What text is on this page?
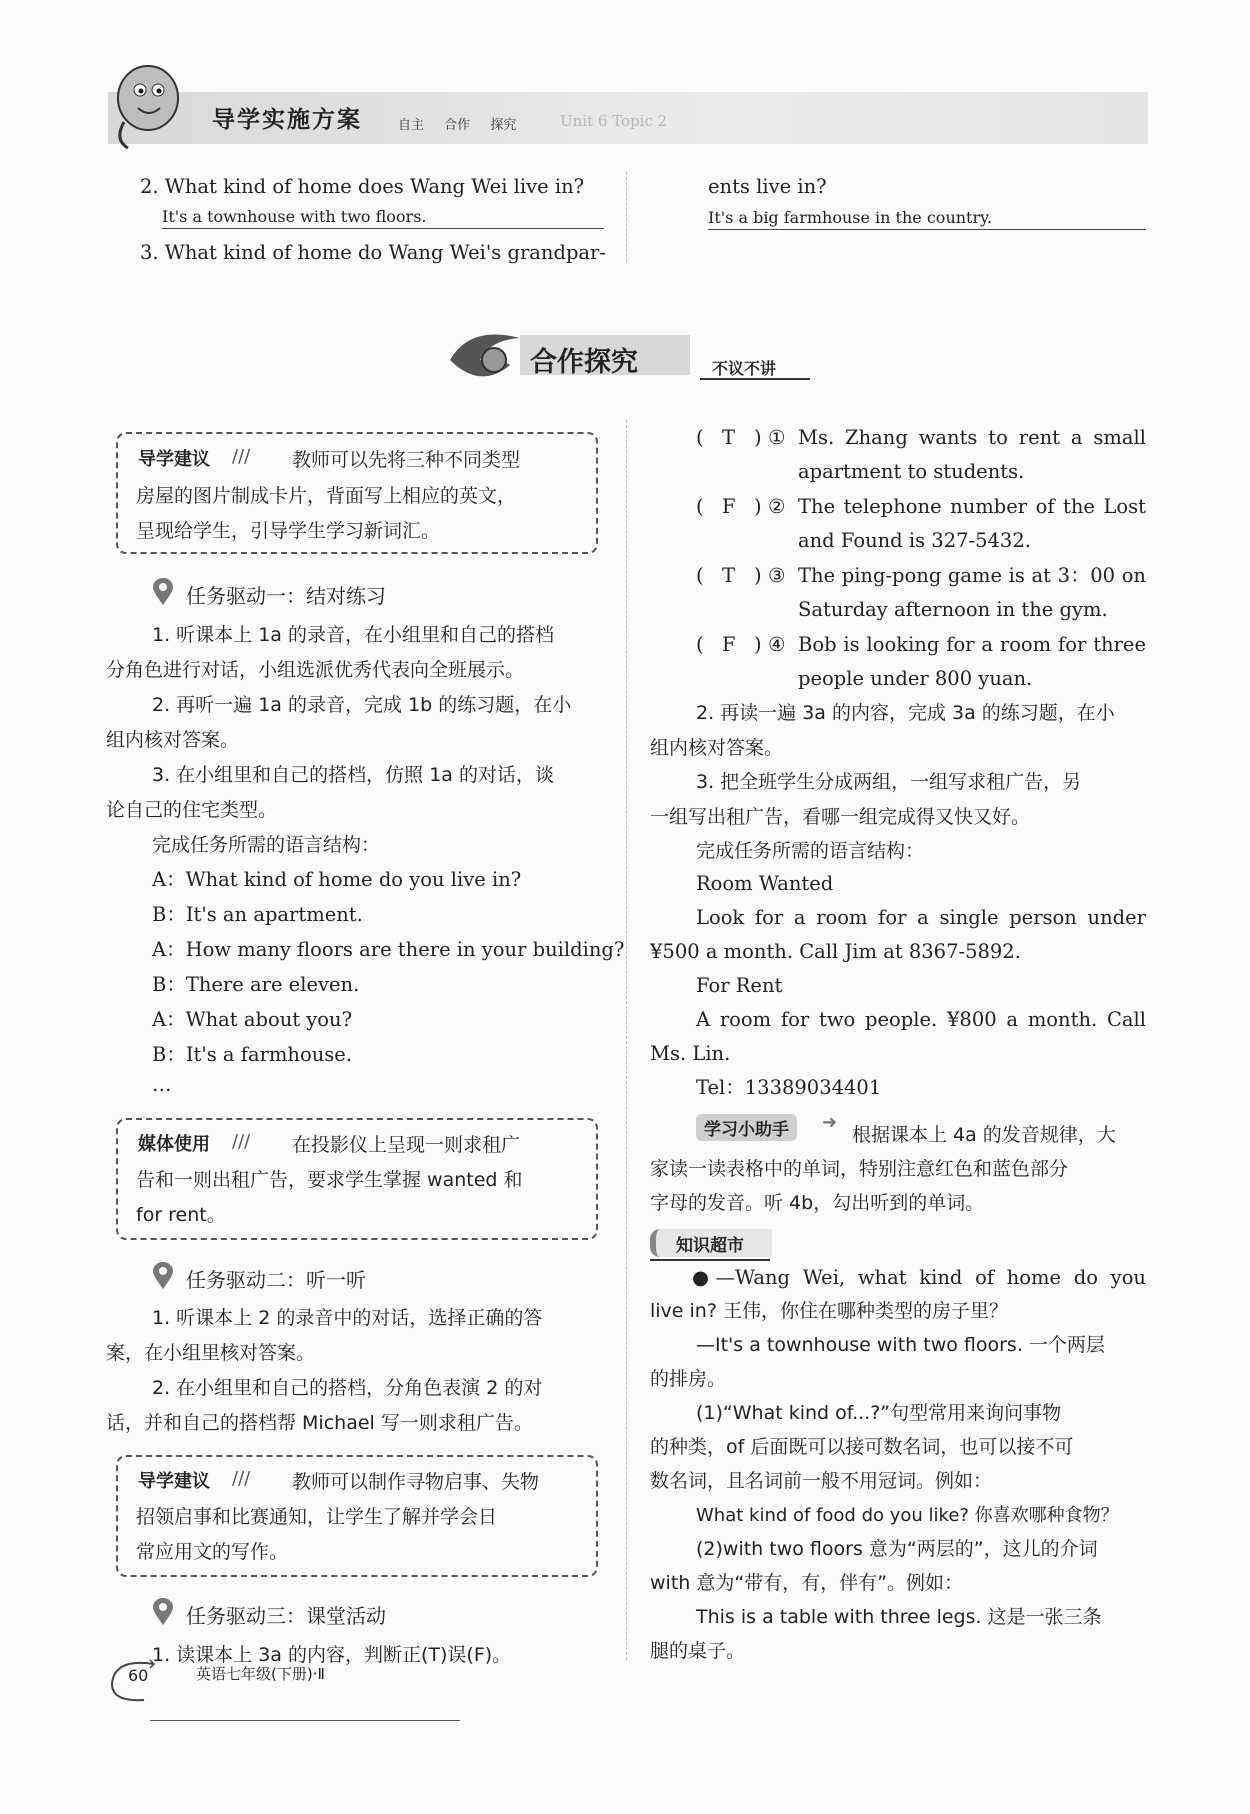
导学实施方案	自主 合作 探究	Unit 6 Topic 2
2. What kind of home does Wang Wei live in?
It's a townhouse with two floors.
3. What kind of home do Wang Wei's grandpar-
ents live in?
It's a big farmhouse in the country.
合作探究	不议不讲
导学建议 /// 教师可以先将三种不同类型
房屋的图片制成卡片，背面写上相应的英文，
呈现给学生，引导学生学习新词汇。
任务驱动一：结对练习
1. 听课本上 1a 的录音，在小组里和自己的搭档
分角色进行对话，小组选派优秀代表向全班展示。
2. 再听一遍 1a 的录音，完成 1b 的练习题，在小
组内核对答案。
3. 在小组里和自己的搭档，仿照 1a 的对话，谈
论自己的住宅类型。
完成任务所需的语言结构：
A：What kind of home do you live in?
B：It's an apartment.
A：How many floors are there in your building?
B：There are eleven.
A：What about you?
B：It's a farmhouse.
…
媒体使用 /// 在投影仪上呈现一则求租广
告和一则出租广告，要求学生掌握 wanted 和
for rent。
任务驱动二：听一听
1. 听课本上 2 的录音中的对话，选择正确的答
案，在小组里核对答案。
2. 在小组里和自己的搭档，分角色表演 2 的对
话，并和自己的搭档帮 Michael 写一则求租广告。
导学建议 /// 教师可以制作寻物启事、失物
招领启事和比赛通知，让学生了解并学会日
常应用文的写作。
任务驱动三：课堂活动
1. 读课本上 3a 的内容，判断正(T)误(F)。
( T ) ① Ms. Zhang wants to rent a small
apartment to students.
( F ) ② The telephone number of the Lost
and Found is 327-5432.
( T ) ③ The ping-pong game is at 3：00 on
Saturday afternoon in the gym.
( F ) ④ Bob is looking for a room for three
people under 800 yuan.
2. 再读一遍 3a 的内容，完成 3a 的练习题，在小
组内核对答案。
3. 把全班学生分成两组，一组写求租广告，另
一组写出租广告，看哪一组完成得又快又好。
完成任务所需的语言结构：
Room Wanted
Look for a room for a single person under
¥500 a month. Call Jim at 8367-5892.
For Rent
A room for two people. ¥800 a month. Call
Ms. Lin.
Tel：13389034401
学习小助手	➜
根据课本上 4a 的发音规律，大
家读一读表格中的单词，特别注意红色和蓝色部分
字母的发音。听 4b，勾出听到的单词。
知识超市
●—Wang Wei, what kind of home do you
live in? 王伟，你住在哪种类型的房子里？
—It's a townhouse with two floors. 一个两层
的排房。
(1)“What kind of...?”句型常用来询问事物
的种类，of 后面既可以接可数名词，也可以接不可
数名词，且名词前一般不用冠词。例如：
What kind of food do you like? 你喜欢哪种食物？
(2)with two floors 意为“两层的”，这儿的介词
with 意为“带有，有，伴有”。例如：
This is a table with three legs. 这是一张三条
腿的桌子。
60	英语七年级(下册)·Ⅱ
